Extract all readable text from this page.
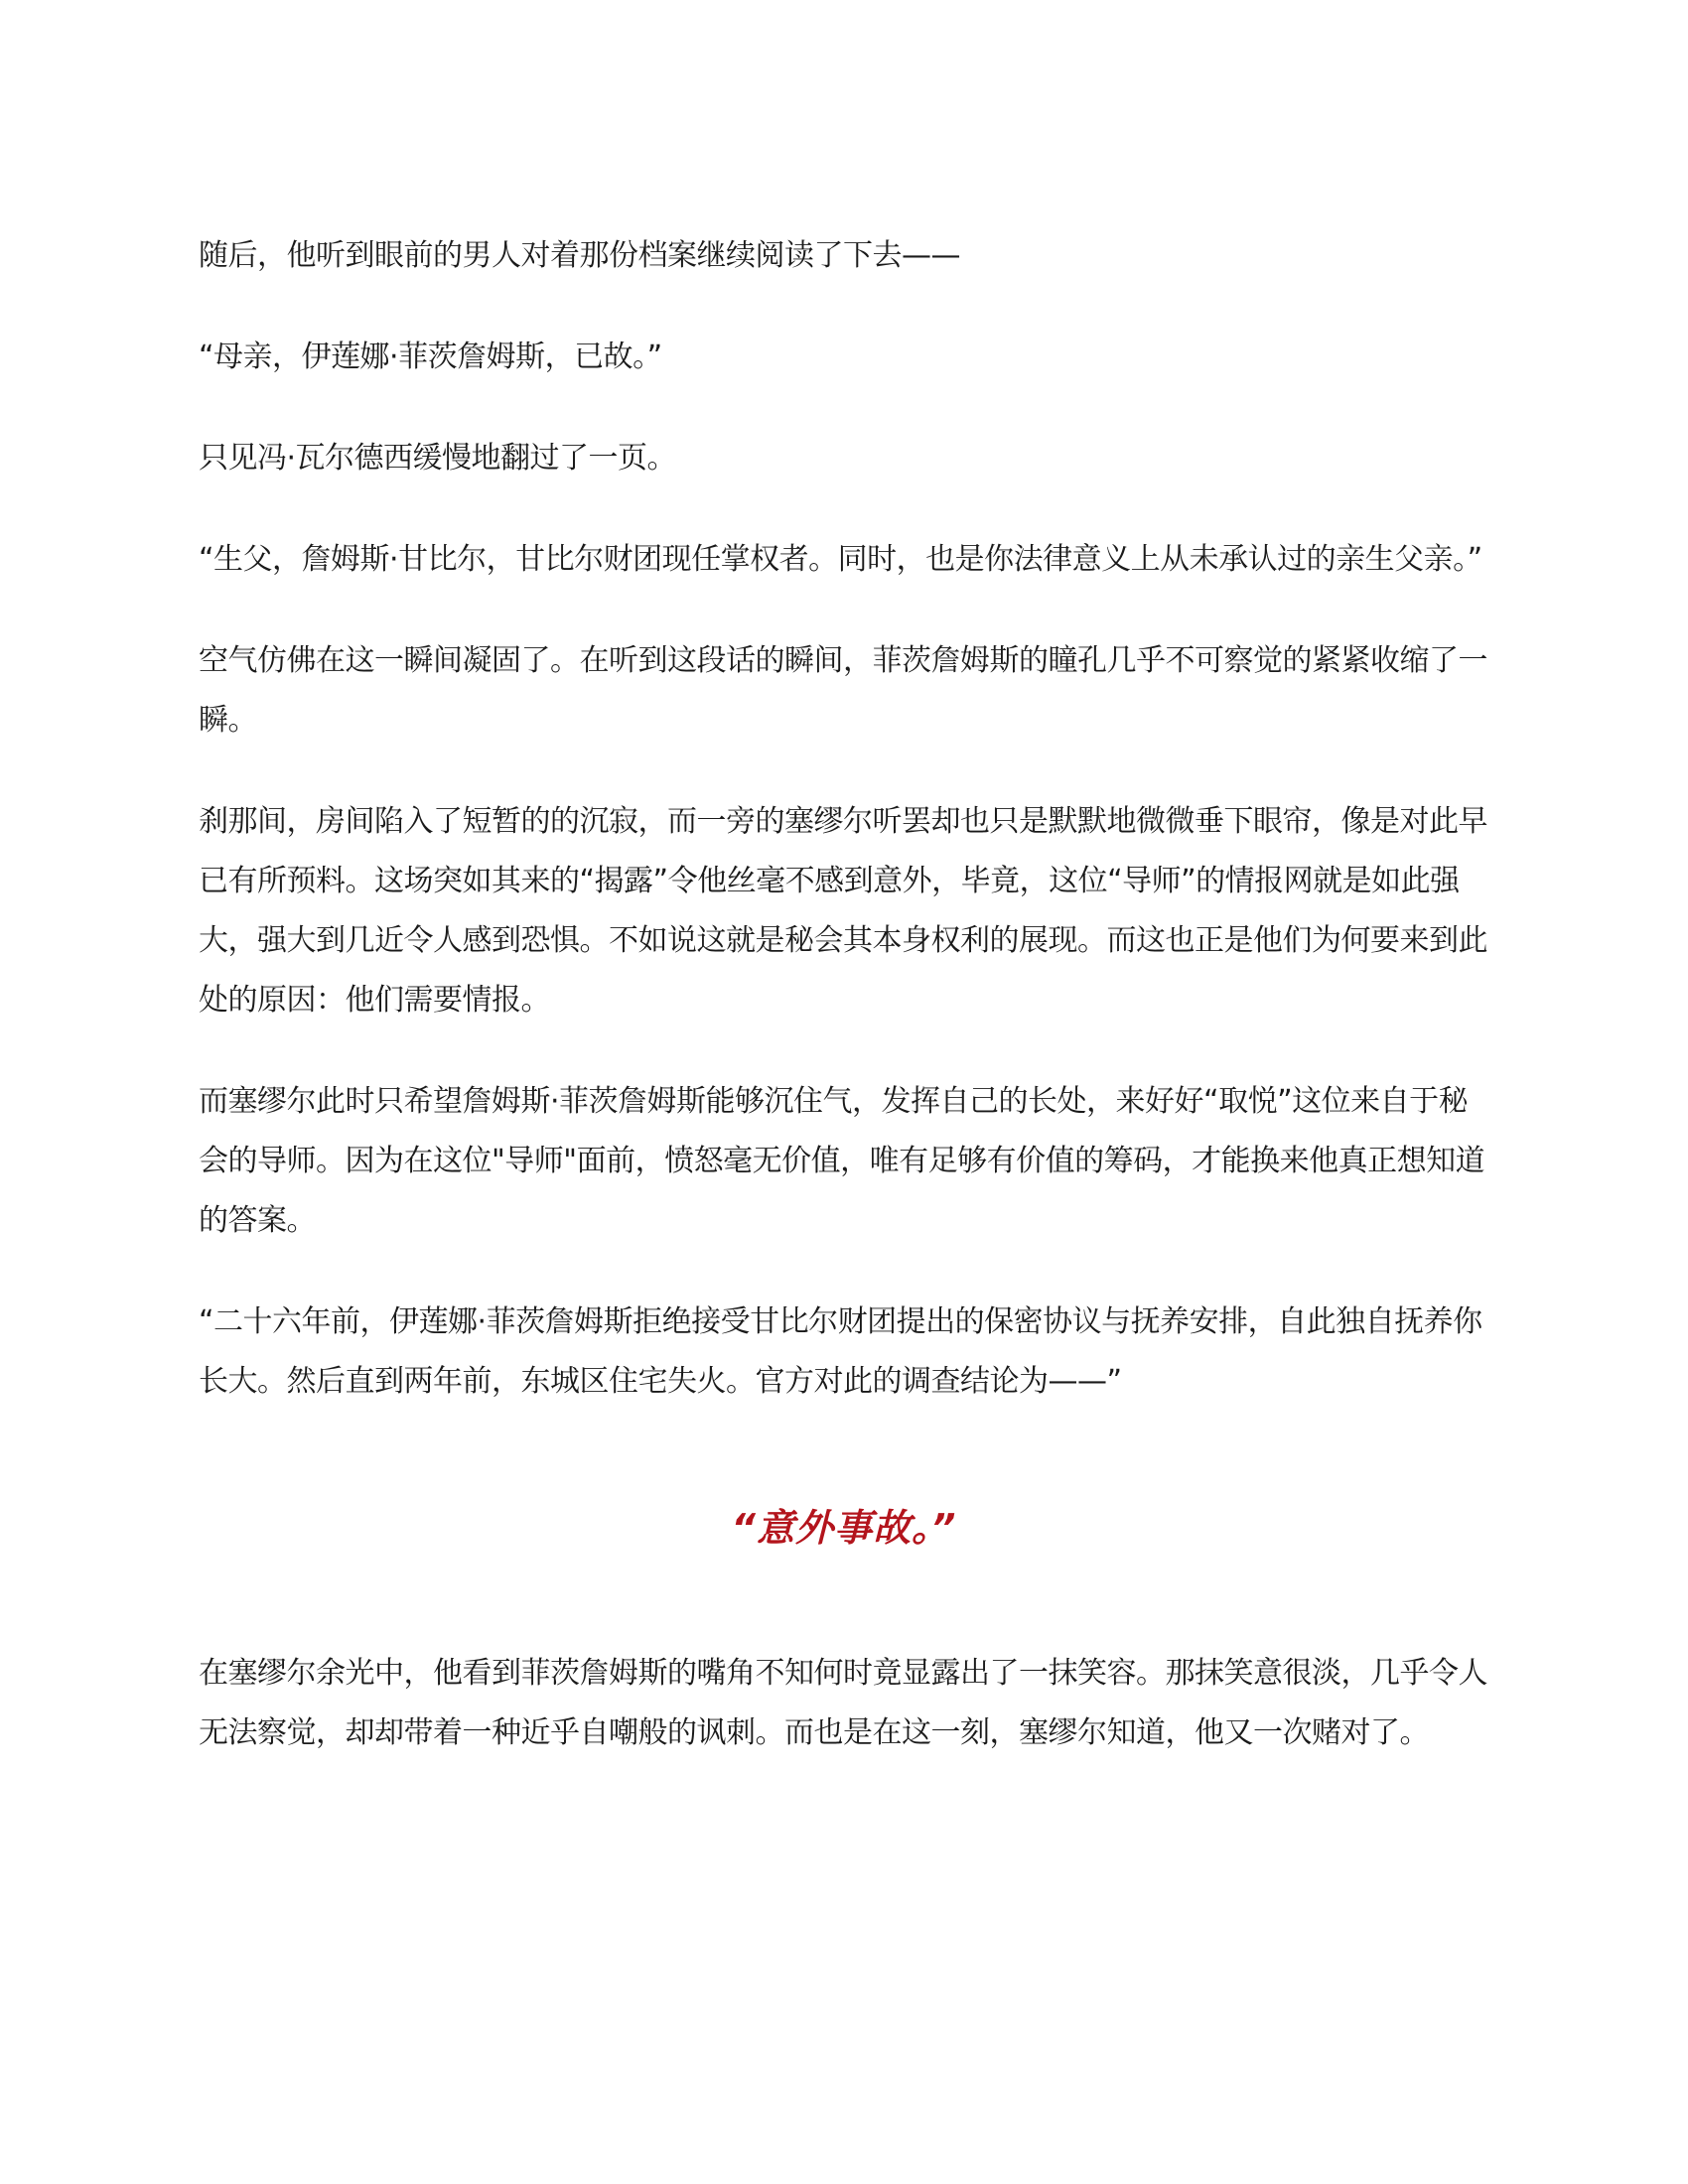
随后，他听到眼前的男人对着那份档案继续阅读了下去——

“母亲，伊莲娜·菲茨詹姆斯，已故。”

只见冯·瓦尔德西缓慢地翻过了一页。

“生父，詹姆斯·甘比尔，甘比尔财团现任掌权者。同时，也是你法律意义上从未承认过的亲生父亲。”

空气仿佛在这一瞬间凝固了。在听到这段话的瞬间，菲茨詹姆斯的瞳孔几乎不可察觉的紧紧收缩了一瞬。

刹那间，房间陷入了短暂的的沉寂，而一旁的塞缪尔听罢却也只是默默地微微垂下眼帘，像是对此早已有所预料。这场突如其来的“揭露”令他丝毫不感到意外，毕竟，这位“导师”的情报网就是如此强大，强大到几近令人感到恐惧。不如说这就是秘会其本身权利的展现。而这也正是他们为何要来到此处的原因：他们需要情报。

而塞缪尔此时只希望詹姆斯·菲茨詹姆斯能够沉住气，发挥自己的长处，来好好“取悦”这位来自于秘会的导师。因为在这位"导师"面前，愤怒毫无价值，唯有足够有价值的筹码，才能换来他真正想知道的答案。

“二十六年前，伊莲娜·菲茨詹姆斯拒绝接受甘比尔财团提出的保密协议与抚养安排，自此独自抚养你长大。然后直到两年前，东城区住宅失火。官方对此的调查结论为——”

“意外事故。”

在塞缪尔余光中，他看到菲茨詹姆斯的嘴角不知何时竟显露出了一抹笑容。那抹笑意很淡，几乎令人无法察觉，却却带着一种近乎自嘲般的讽刺。而也是在这一刻，塞缪尔知道，他又一次赌对了。
